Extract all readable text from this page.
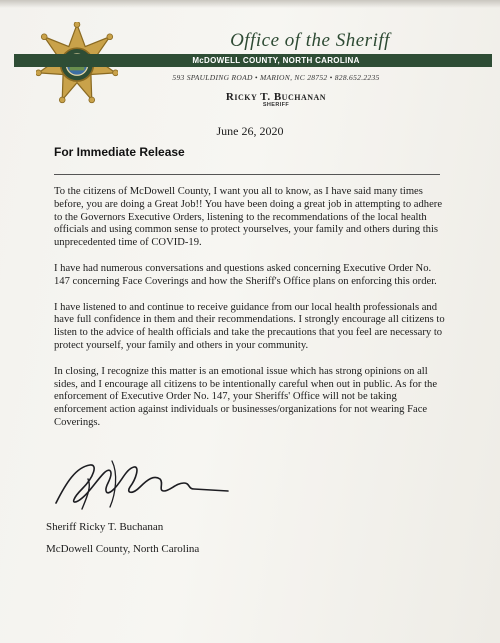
Office of the Sheriff
McDOWELL COUNTY, NORTH CAROLINA
593 SPAULDING ROAD • MARION, NC 28752 • 828.652.2235
Ricky T. Buchanan
SHERIFF
June 26, 2020
For Immediate Release

To the citizens of McDowell County, I want you all to know, as I have said many times before, you are doing a Great Job!! You have been doing a great job in attempting to adhere to the Governors Executive Orders, listening to the recommendations of the local health officials and using common sense to protect yourselves, your family and others during this unprecedented time of COVID-19.

I have had numerous conversations and questions asked concerning Executive Order No. 147 concerning Face Coverings and how the Sheriff's Office plans on enforcing this order.

I have listened to and continue to receive guidance from our local health professionals and have full confidence in them and their recommendations. I strongly encourage all citizens to listen to the advice of health officials and take the precautions that you feel are necessary to protect yourself, your family and others in your community.

In closing, I recognize this matter is an emotional issue which has strong opinions on all sides, and I encourage all citizens to be intentionally careful when out in public. As for the enforcement of Executive Order No. 147, your Sheriffs' Office will not be taking enforcement action against individuals or businesses/organizations for not wearing Face Coverings.

Sheriff Ricky T. Buchanan
McDowell County, North Carolina
